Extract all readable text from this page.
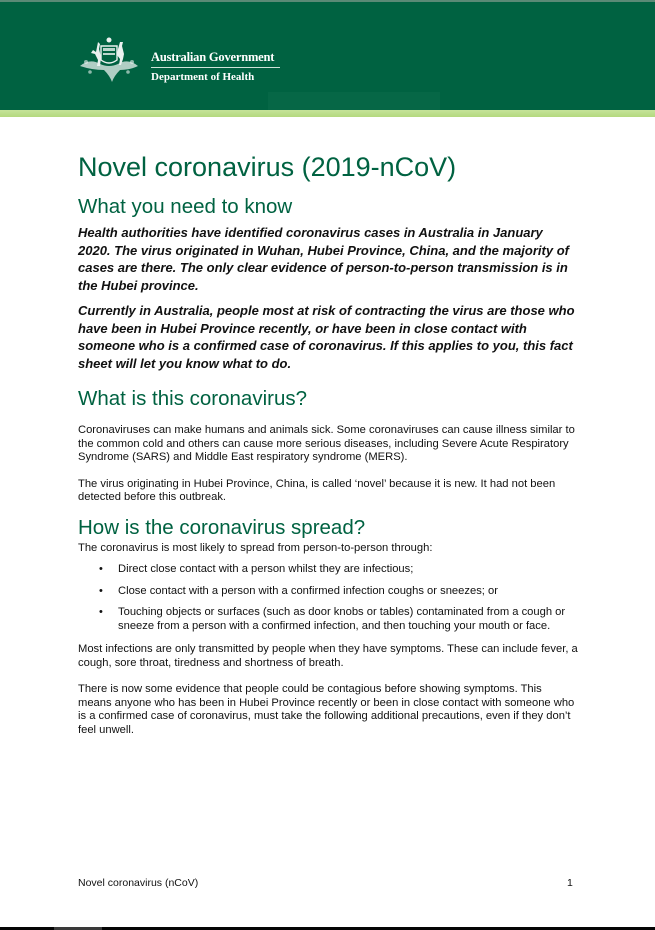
Australian Government
Department of Health
Novel coronavirus (2019-nCoV)
What you need to know

Health authorities have identified coronavirus cases in Australia in January 2020. The virus originated in Wuhan, Hubei Province, China, and the majority of cases are there. The only clear evidence of person-to-person transmission is in the Hubei province.

Currently in Australia, people most at risk of contracting the virus are those who have been in Hubei Province recently, or have been in close contact with someone who is a confirmed case of coronavirus. If this applies to you, this fact sheet will let you know what to do.

What is this coronavirus?

Coronaviruses can make humans and animals sick. Some coronaviruses can cause illness similar to the common cold and others can cause more serious diseases, including Severe Acute Respiratory Syndrome (SARS) and Middle East respiratory syndrome (MERS).

The virus originating in Hubei Province, China, is called ‘novel’ because it is new. It had not been detected before this outbreak.

How is the coronavirus spread?

The coronavirus is most likely to spread from person-to-person through:

• Direct close contact with a person whilst they are infectious;
• Close contact with a person with a confirmed infection coughs or sneezes; or
• Touching objects or surfaces (such as door knobs or tables) contaminated from a cough or sneeze from a person with a confirmed infection, and then touching your mouth or face.

Most infections are only transmitted by people when they have symptoms. These can include fever, a cough, sore throat, tiredness and shortness of breath.

There is now some evidence that people could be contagious before showing symptoms. This means anyone who has been in Hubei Province recently or been in close contact with someone who is a confirmed case of coronavirus, must take the following additional precautions, even if they don’t feel unwell.

Novel coronavirus (nCoV)	1
